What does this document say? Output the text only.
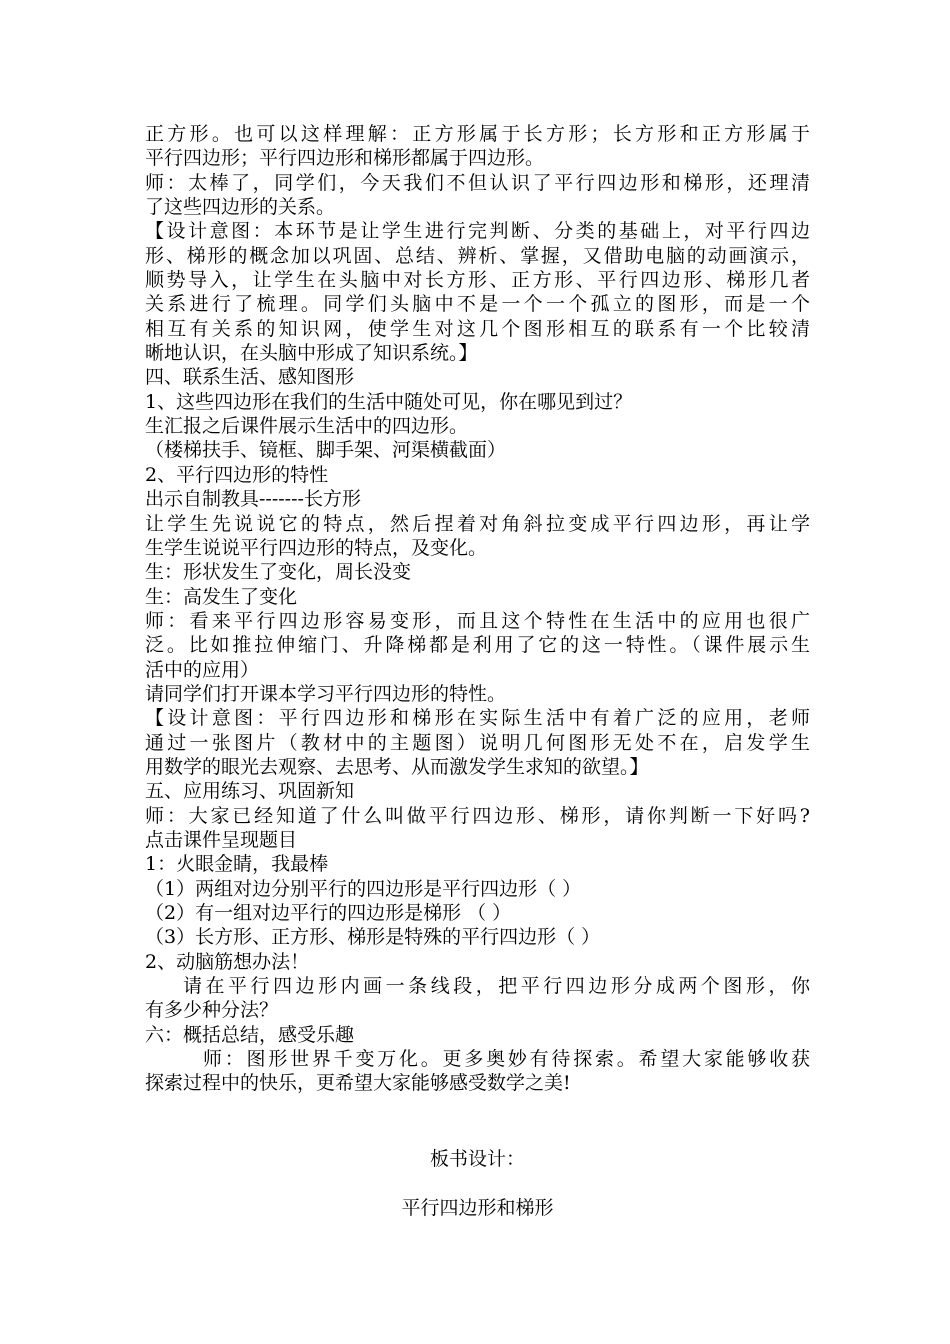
正方形。也可以这样理解：正方形属于长方形；长方形和正方形属于
平行四边形；平行四边形和梯形都属于四边形。
师：太棒了，同学们，今天我们不但认识了平行四边形和梯形，还理清
了这些四边形的关系。
【设计意图：本环节是让学生进行完判断、分类的基础上，对平行四边
形、梯形的概念加以巩固、总结、辨析、掌握，又借助电脑的动画演示，
顺势导入，让学生在头脑中对长方形、正方形、平行四边形、梯形几者
关系进行了梳理。同学们头脑中不是一个一个孤立的图形，而是一个
相互有关系的知识网，使学生对这几个图形相互的联系有一个比较清
晰地认识，在头脑中形成了知识系统。】
四、联系生活、感知图形
1、这些四边形在我们的生活中随处可见，你在哪见到过？
生汇报之后课件展示生活中的四边形。
（楼梯扶手、镜框、脚手架、河渠横截面）
2、平行四边形的特性
出示自制教具-------长方形
让学生先说说它的特点，然后捏着对角斜拉变成平行四边形，再让学
生学生说说平行四边形的特点，及变化。
生：形状发生了变化，周长没变
生：高发生了变化
师：看来平行四边形容易变形，而且这个特性在生活中的应用也很广
泛。比如推拉伸缩门、升降梯都是利用了它的这一特性。（课件展示生
活中的应用）
请同学们打开课本学习平行四边形的特性。
【设计意图：平行四边形和梯形在实际生活中有着广泛的应用，老师
通过一张图片（教材中的主题图）说明几何图形无处不在，启发学生
用数学的眼光去观察、去思考、从而激发学生求知的欲望。】
五、应用练习、巩固新知
师：大家已经知道了什么叫做平行四边形、梯形，请你判断一下好吗?
点击课件呈现题目
1：火眼金睛，我最棒
（1）两组对边分别平行的四边形是平行四边形（ ）
（2）有一组对边平行的四边形是梯形 （ ）
（3）长方形、正方形、梯形是特殊的平行四边形（ ）
2、动脑筋想办法！
请在平行四边形内画一条线段，把平行四边形分成两个图形，你
有多少种分法？
六：概括总结，感受乐趣
师：图形世界千变万化。更多奥妙有待探索。希望大家能够收获
探索过程中的快乐，更希望大家能够感受数学之美!
板书设计：
平行四边形和梯形
